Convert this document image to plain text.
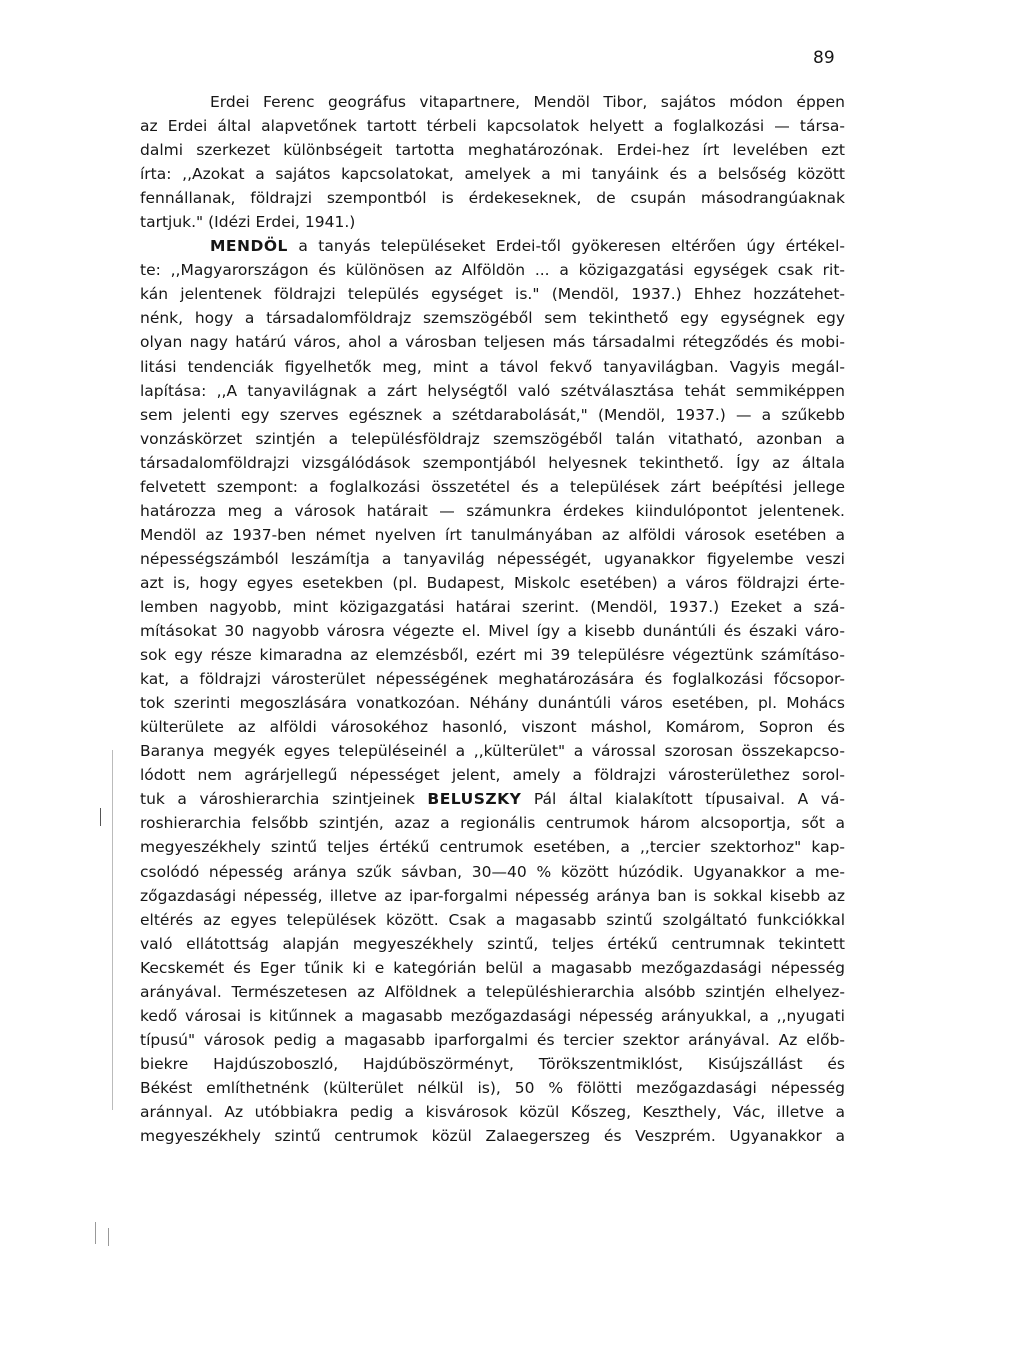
89
Erdei Ferenc geográfus vitapartnere, Mendöl Tibor, sajátos módon éppen
az Erdei által alapvetőnek tartott térbeli kapcsolatok helyett a foglalkozási — társa-
dalmi szerkezet különbségeit tartotta meghatározónak. Erdei-hez írt levelében ezt
írta: ,,Azokat a sajátos kapcsolatokat, amelyek a mi tanyáink és a belsőség között
fennállanak, földrajzi szempontból is érdekeseknek, de csupán másodrangúaknak
tartjuk." (Idézi Erdei, 1941.)
MENDÖL a tanyás településeket Erdei-től gyökeresen eltérően úgy értékel-
te: ,,Magyarországon és különösen az Alföldön ... a közigazgatási egységek csak rit-
kán jelentenek földrajzi település egységet is." (Mendöl, 1937.) Ehhez hozzátehet-
nénk, hogy a társadalomföldrajz szemszögéből sem tekinthető egy egységnek egy
olyan nagy határú város, ahol a városban teljesen más társadalmi rétegződés és mobi-
litási tendenciák figyelhetők meg, mint a távol fekvő tanyavilágban. Vagyis megál-
lapítása: ,,A tanyavilágnak a zárt helységtől való szétválasztása tehát semmiképpen
sem jelenti egy szerves egésznek a szétdarabolását," (Mendöl, 1937.) — a szűkebb
vonzáskörzet szintjén a településföldrajz szemszögéből talán vitatható, azonban a
társadalomföldrajzi vizsgálódások szempontjából helyesnek tekinthető. Így az általa
felvetett szempont: a foglalkozási összetétel és a települések zárt beépítési jellege
határozza meg a városok határait — számunkra érdekes kiindulópontot jelentenek.
Mendöl az 1937-ben német nyelven írt tanulmányában az alföldi városok esetében a
népességszámból leszámítja a tanyavilág népességét, ugyanakkor figyelembe veszi
azt is, hogy egyes esetekben (pl. Budapest, Miskolc esetében) a város földrajzi érte-
lemben nagyobb, mint közigazgatási határai szerint. (Mendöl, 1937.) Ezeket a szá-
mításokat 30 nagyobb városra végezte el. Mivel így a kisebb dunántúli és északi váro-
sok egy része kimaradna az elemzésből, ezért mi 39 településre végeztünk számításo-
kat, a földrajzi városterület népességének meghatározására és foglalkozási főcsopor-
tok szerinti megoszlására vonatkozóan. Néhány dunántúli város esetében, pl. Mohács
külterülete az alföldi városokéhoz hasonló, viszont máshol, Komárom, Sopron és
Baranya megyék egyes településeinél a ,,külterület" a várossal szorosan összekapcso-
lódott nem agrárjellegű népességet jelent, amely a földrajzi városterülethez sorol-
tuk a városhierarchia szintjeinek BELUSZKY Pál által kialakított típusaival. A vá-
roshierarchia felsőbb szintjén, azaz a regionális centrumok három alcsoportja, sőt a
megyeszékhely szintű teljes értékű centrumok esetében, a ,,tercier szektorhoz" kap-
csolódó népesség aránya szűk sávban, 30—40 % között húzódik. Ugyanakkor a me-
zőgazdasági népesség, illetve az ipar-forgalmi népesség aránya ban is sokkal kisebb az
eltérés az egyes települések között. Csak a magasabb szintű szolgáltató funkciókkal
való ellátottság alapján megyeszékhely szintű, teljes értékű centrumnak tekintett
Kecskemét és Eger tűnik ki e kategórián belül a magasabb mezőgazdasági népesség
arányával. Természetesen az Alföldnek a településhierarchia alsóbb szintjén elhelyez-
kedő városai is kitűnnek a magasabb mezőgazdasági népesség arányukkal, a ,,nyugati
típusú" városok pedig a magasabb iparforgalmi és tercier szektor arányával. Az előb-
biekre Hajdúszoboszló, Hajdúböszörményt, Törökszentmiklóst, Kisújszállást és
Békést említhetnénk (külterület nélkül is), 50 % fölötti mezőgazdasági népesség
aránnyal. Az utóbbiakra pedig a kisvárosok közül Kőszeg, Keszthely, Vác, illetve a
megyeszékhely szintű centrumok közül Zalaegerszeg és Veszprém. Ugyanakkor a
